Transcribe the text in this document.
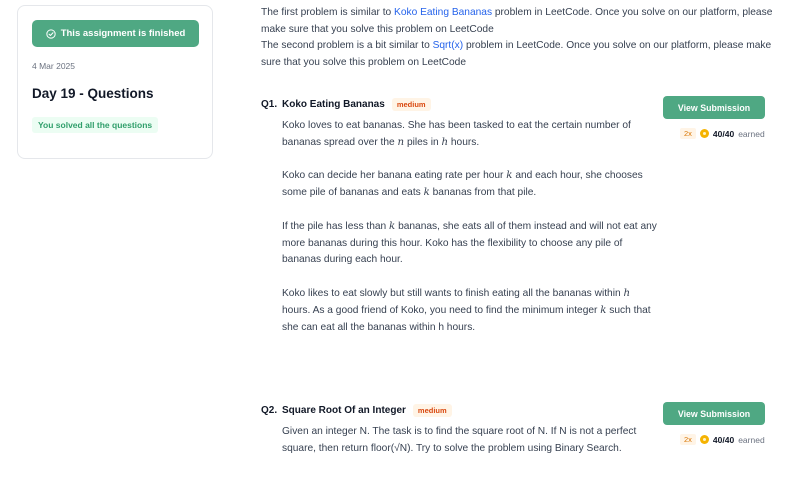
This assignment is finished
4 Mar 2025
Day 19 - Questions
You solved all the questions
The first problem is similar to Koko Eating Bananas problem in LeetCode. Once you solve on our platform, please make sure that you solve this problem on LeetCode
The second problem is a bit similar to Sqrt(x) problem in LeetCode. Once you solve on our platform, please make sure that you solve this problem on LeetCode
Q1. Koko Eating Bananas	medium	View Submission
2x	40/40 earned

Koko loves to eat bananas. She has been tasked to eat the certain number of bananas spread over the n piles in h hours.

Koko can decide her banana eating rate per hour k and each hour, she chooses some pile of bananas and eats k bananas from that pile.

If the pile has less than k bananas, she eats all of them instead and will not eat any more bananas during this hour. Koko has the flexibility to choose any pile of bananas during each hour.

Koko likes to eat slowly but still wants to finish eating all the bananas within h hours. As a good friend of Koko, you need to find the minimum integer k such that she can eat all the bananas within h hours.

Q2. Square Root Of an Integer	medium	View Submission
2x	40/40 earned

Given an integer N. The task is to find the square root of N. If N is not a perfect square, then return floor(√N). Try to solve the problem using Binary Search.
